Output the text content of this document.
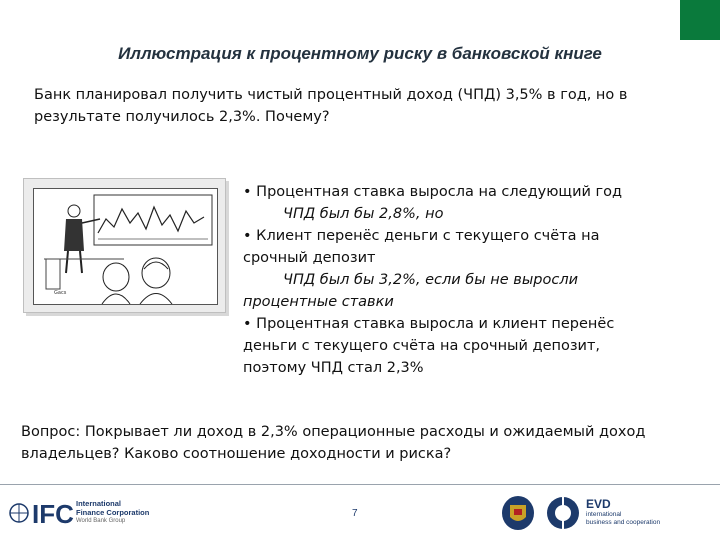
Иллюстрация к процентному риску в банковской книге
Банк планировал получить чистый процентный доход (ЧПД) 3,5% в год, но в результате получилось 2,3%. Почему?
Gacs

• Процентная ставка выросла на следующий год

ЧПД был бы 2,8%, но

• Клиент перенёс деньги с текущего счёта на срочный депозит

ЧПД был бы 3,2%, если бы не выросли

процентные ставки

• Процентная ставка выросла и клиент перенёс деньги с текущего счёта на срочный депозит, поэтому ЧПД стал 2,3%

Вопрос: Покрывает ли доход в 2,3% операционные расходы и ожидаемый доход владельцев? Каково соотношение доходности и риска?
IFC International
Finance Corporation
World Bank Group
7
EVD
international
business and cooperation
